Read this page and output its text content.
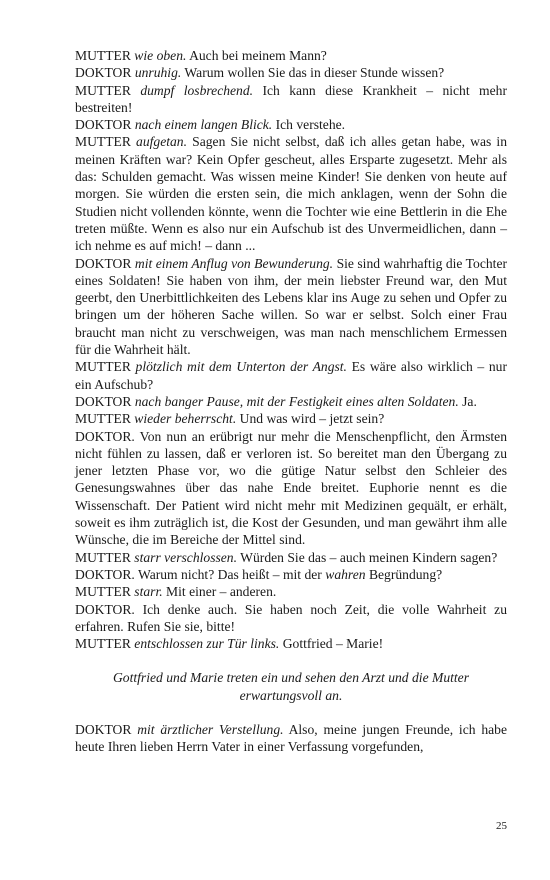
MUTTER wie oben. Auch bei meinem Mann?

DOKTOR unruhig. Warum wollen Sie das in dieser Stunde wissen?

MUTTER dumpf losbrechend. Ich kann diese Krankheit – nicht mehr bestreiten!

DOKTOR nach einem langen Blick. Ich verstehe.

MUTTER aufgetan. Sagen Sie nicht selbst, daß ich alles getan habe, was in meinen Kräften war? Kein Opfer gescheut, alles Ersparte zugesetzt. Mehr als das: Schulden gemacht. Was wissen meine Kinder! Sie denken von heute auf morgen. Sie würden die ersten sein, die mich anklagen, wenn der Sohn die Studien nicht vollenden könnte, wenn die Tochter wie eine Bettlerin in die Ehe treten müßte. Wenn es also nur ein Aufschub ist des Unvermeidlichen, dann – ich nehme es auf mich! – dann ...

DOKTOR mit einem Anflug von Bewunderung. Sie sind wahrhaftig die Tochter eines Soldaten! Sie haben von ihm, der mein liebster Freund war, den Mut geerbt, den Unerbittlichkeiten des Lebens klar ins Auge zu sehen und Opfer zu bringen um der höheren Sache willen. So war er selbst. Solch einer Frau braucht man nicht zu verschweigen, was man nach menschlichem Ermessen für die Wahrheit hält.

MUTTER plötzlich mit dem Unterton der Angst. Es wäre also wirklich – nur ein Aufschub?

DOKTOR nach banger Pause, mit der Festigkeit eines alten Soldaten. Ja.

MUTTER wieder beherrscht. Und was wird – jetzt sein?

DOKTOR. Von nun an erübrigt nur mehr die Menschenpflicht, den Ärmsten nicht fühlen zu lassen, daß er verloren ist. So bereitet man den Übergang zu jener letzten Phase vor, wo die gütige Natur selbst den Schleier des Genesungswahnes über das nahe Ende breitet. Euphorie nennt es die Wissenschaft. Der Patient wird nicht mehr mit Medizinen gequält, er erhält, soweit es ihm zuträglich ist, die Kost der Gesunden, und man gewährt ihm alle Wünsche, die im Bereiche der Mittel sind.

MUTTER starr verschlossen. Würden Sie das – auch meinen Kindern sagen?

DOKTOR. Warum nicht? Das heißt – mit der wahren Begründung?

MUTTER starr. Mit einer – anderen.

DOKTOR. Ich denke auch. Sie haben noch Zeit, die volle Wahrheit zu erfahren. Rufen Sie sie, bitte!

MUTTER entschlossen zur Tür links. Gottfried – Marie!

Gottfried und Marie treten ein und sehen den Arzt und die Mutter erwartungsvoll an.

DOKTOR mit ärztlicher Verstellung. Also, meine jungen Freunde, ich habe heute Ihren lieben Herrn Vater in einer Verfassung vorgefunden,

25
